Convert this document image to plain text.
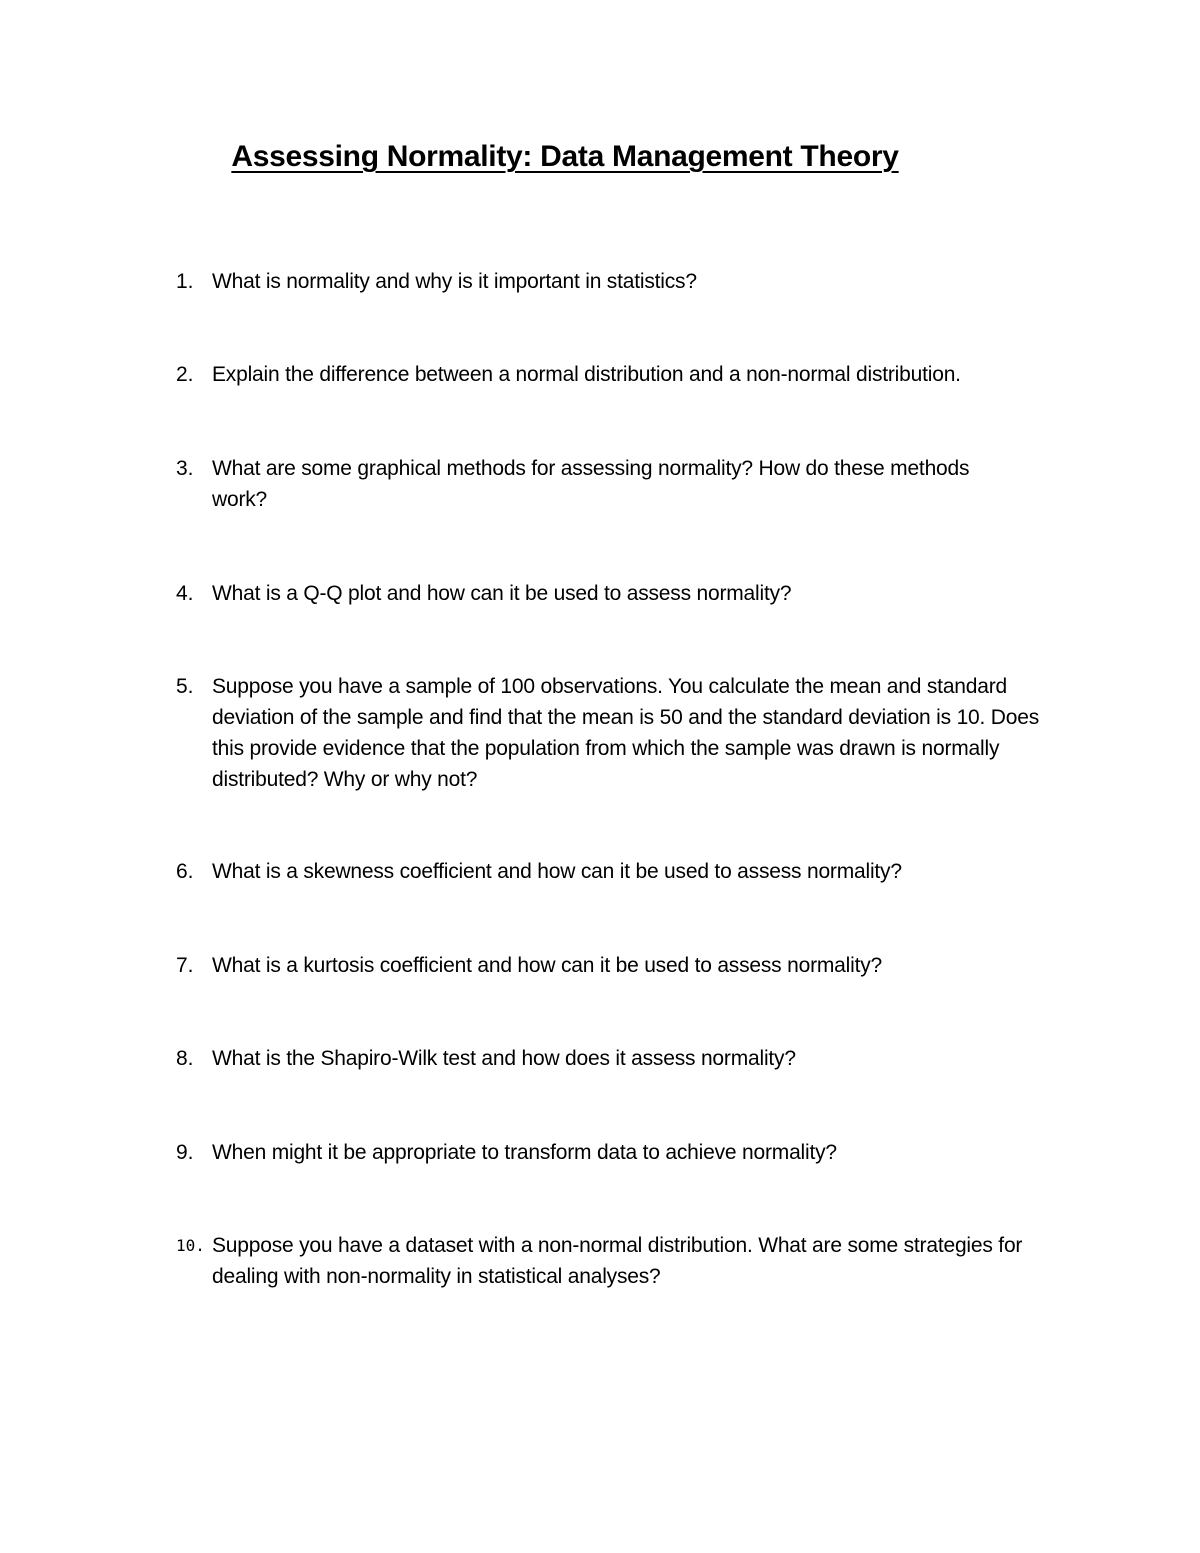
Assessing Normality: Data Management Theory
1. What is normality and why is it important in statistics?
2. Explain the difference between a normal distribution and a non-normal distribution.
3. What are some graphical methods for assessing normality? How do these methods work?
4. What is a Q-Q plot and how can it be used to assess normality?
5. Suppose you have a sample of 100 observations. You calculate the mean and standard deviation of the sample and find that the mean is 50 and the standard deviation is 10. Does this provide evidence that the population from which the sample was drawn is normally distributed? Why or why not?
6. What is a skewness coefficient and how can it be used to assess normality?
7. What is a kurtosis coefficient and how can it be used to assess normality?
8. What is the Shapiro-Wilk test and how does it assess normality?
9. When might it be appropriate to transform data to achieve normality?
10. Suppose you have a dataset with a non-normal distribution. What are some strategies for dealing with non-normality in statistical analyses?
